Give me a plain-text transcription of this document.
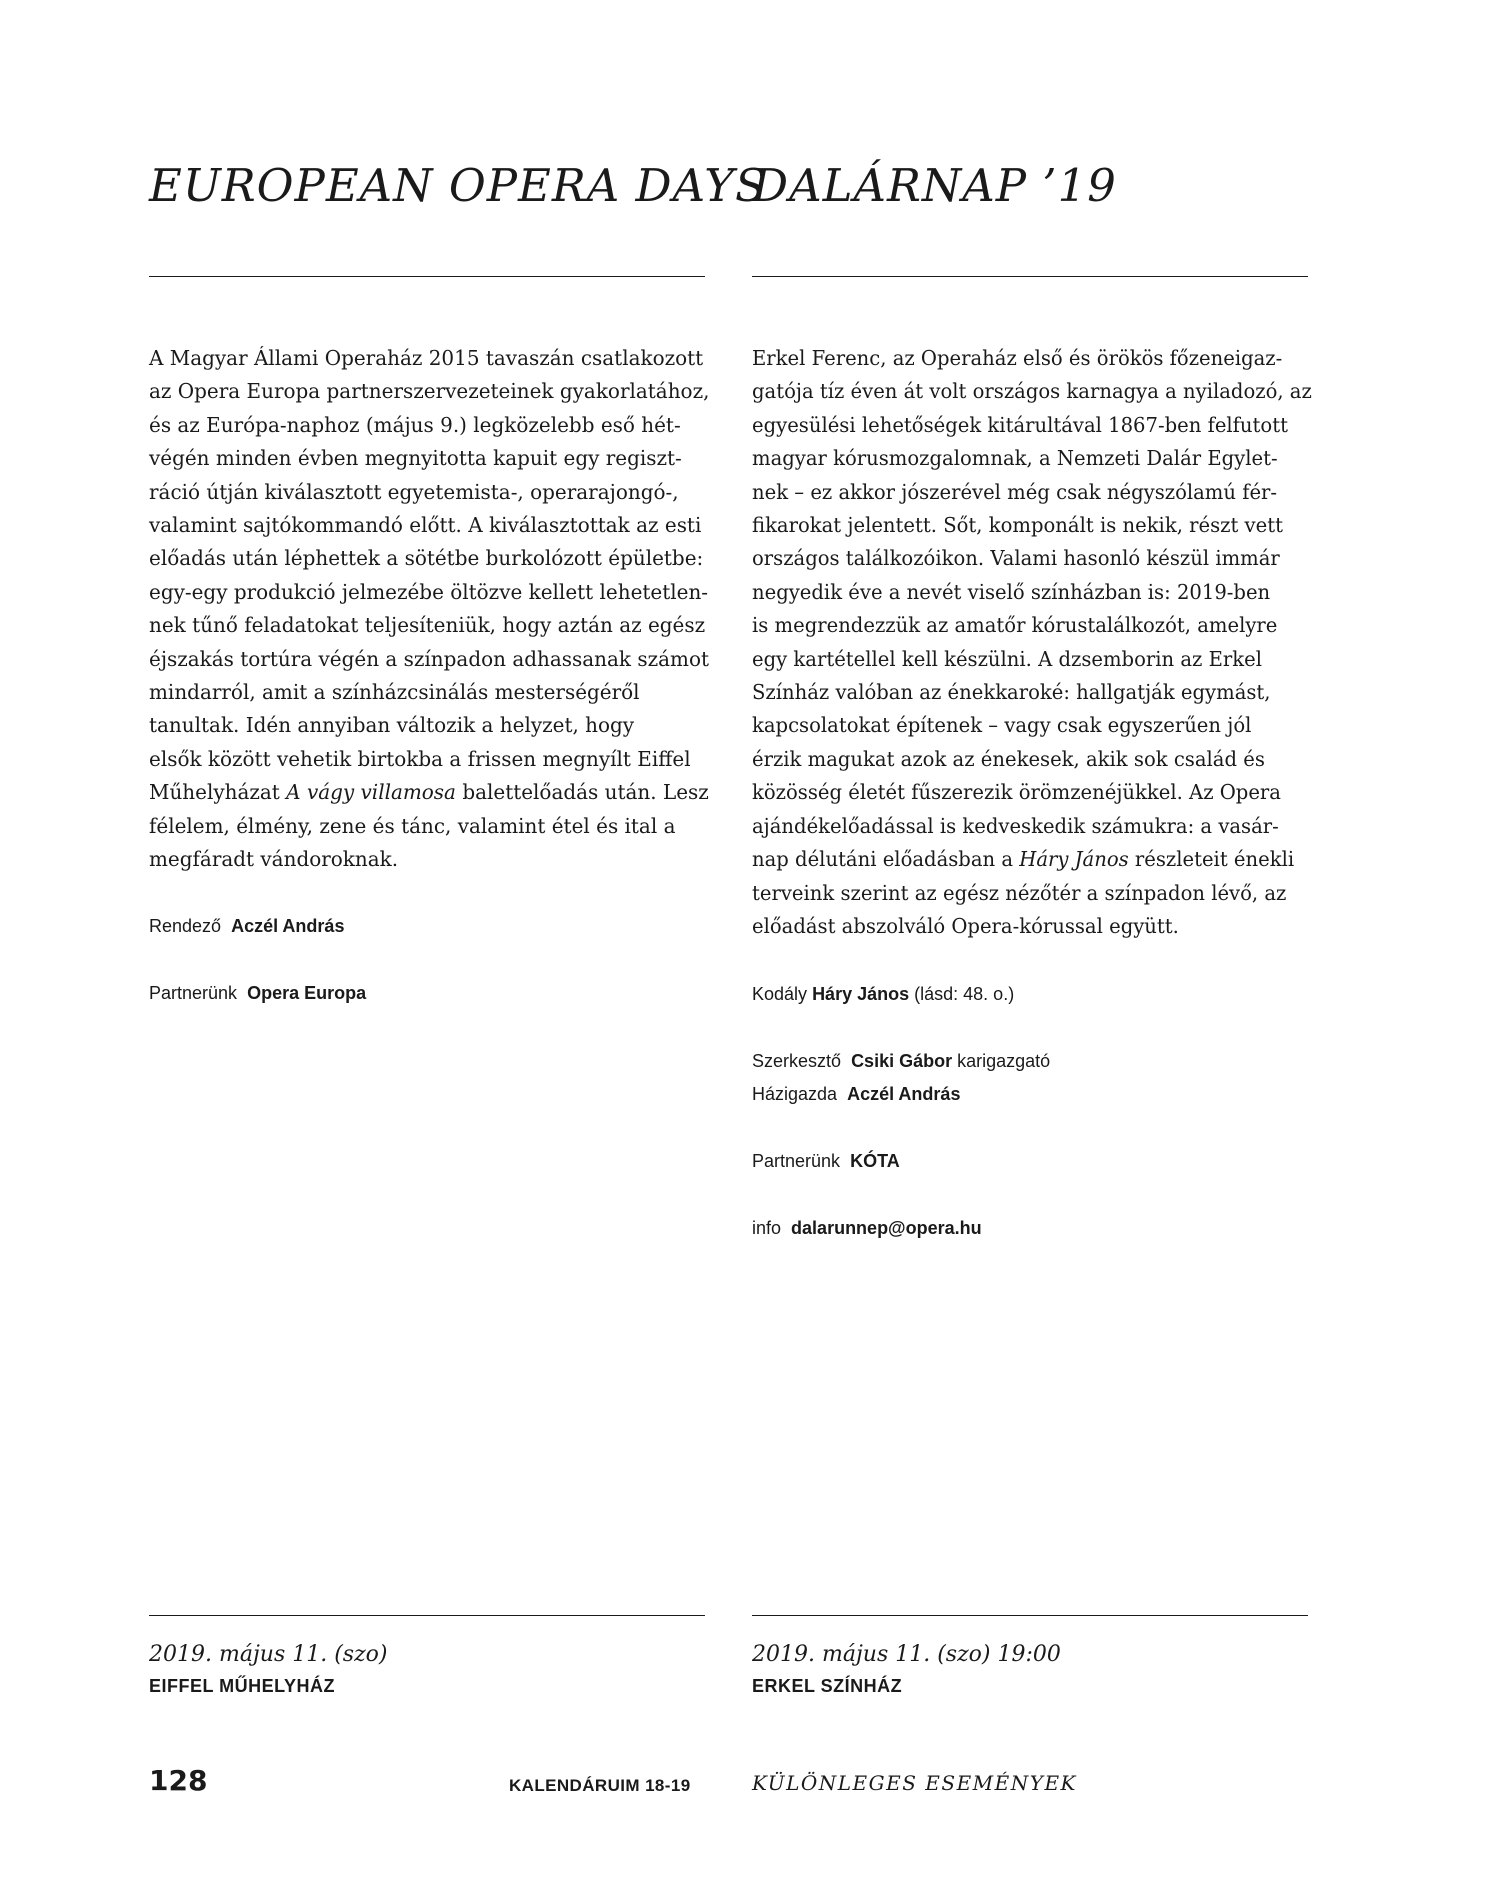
EUROPEAN OPERA DAYS

A Magyar Állami Operaház 2015 tavaszán csatlakozott

az Opera Europa partnerszervezeteinek gyakorlatához,

és az Európa-naphoz (május 9.) legközelebb eső hét-

végén minden évben megnyitotta kapuit egy regiszt-

ráció útján kiválasztott egyetemista-, operarajongó-,

valamint sajtókommandó előtt. A kiválasztottak az esti

előadás után léphettek a sötétbe burkolózott épületbe:

egy-egy produkció jelmezébe öltözve kellett lehetetlen-

nek tűnő feladatokat teljesíteniük, hogy aztán az egész

éjszakás tortúra végén a színpadon adhassanak számot

mindarról, amit a színházcsinálás mesterségéről

tanultak. Idén annyiban változik a helyzet, hogy

elsők között vehetik birtokba a frissen megnyílt Eiffel

Műhelyházat A vágy villamosa balettelőadás után. Lesz

félelem, élmény, zene és tánc, valamint étel és ital a

megfáradt vándoroknak.

Rendező Aczél András
Partnerünk Opera Europa
2019. május 11. (szo)
EIFFEL MŰHELYHÁZ
DALÁRNAP ’19

Erkel Ferenc, az Operaház első és örökös főzeneigaz-

gatója tíz éven át volt országos karnagya a nyiladozó, az

egyesülési lehetőségek kitárultával 1867-ben felfutott

magyar kórusmozgalomnak, a Nemzeti Dalár Egylet-

nek – ez akkor jószerével még csak négyszólamú fér-

fikarokat jelentett. Sőt, komponált is nekik, részt vett

országos találkozóikon. Valami hasonló készül immár

negyedik éve a nevét viselő színházban is: 2019-ben

is megrendezzük az amatőr kórustalálkozót, amelyre

egy kartétellel kell készülni. A dzsemborin az Erkel

Színház valóban az énekkaroké: hallgatják egymást,

kapcsolatokat építenek – vagy csak egyszerűen jól

érzik magukat azok az énekesek, akik sok család és

közösség életét fűszerezik örömzenéjükkel. Az Opera

ajándékelőadással is kedveskedik számukra: a vasár-

nap délutáni előadásban a Háry János részleteit énekli

terveink szerint az egész nézőtér a színpadon lévő, az

előadást abszolváló Opera-kórussal együtt.

Kodály Háry János (lásd: 48. o.)
Szerkesztő Csiki Gábor karigazgató
Házigazda Aczél András
Partnerünk KÓTA
info dalarunnep@opera.hu
2019. május 11. (szo) 19:00
ERKEL SZÍNHÁZ
128	KALENDÁRUIM 18-19	KÜLÖNLEGES ESEMÉNYEK
